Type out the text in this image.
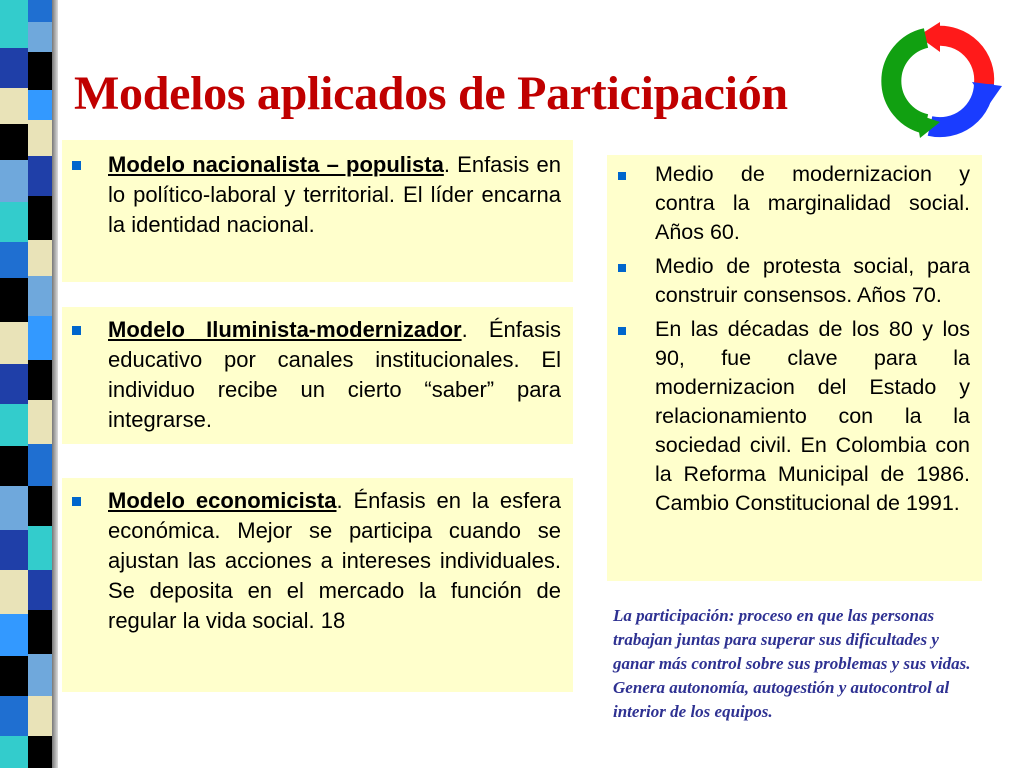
Modelos aplicados de Participación
Modelo nacionalista – populista. Enfasis en lo político-laboral y territorial. El líder encarna la identidad nacional.
Modelo Iluminista-modernizador. Énfasis educativo por canales institucionales. El individuo recibe un cierto “saber” para integrarse.
Modelo economicista. Énfasis en la esfera económica. Mejor se participa cuando se ajustan las acciones a intereses individuales. Se deposita en el mercado la función de regular la vida social. 18
Medio de modernizacion y contra la marginalidad social. Años 60.
Medio de protesta social, para construir consensos. Años 70.
En las décadas de los 80 y los 90, fue clave para la modernizacion del Estado y relacionamiento con la la sociedad civil. En Colombia con la Reforma Municipal de 1986. Cambio Constitucional de 1991.

La participación: proceso en que las personas trabajan juntas para superar sus dificultades y ganar más control sobre sus problemas y sus vidas. Genera autonomía, autogestión y autocontrol al interior de los equipos.
